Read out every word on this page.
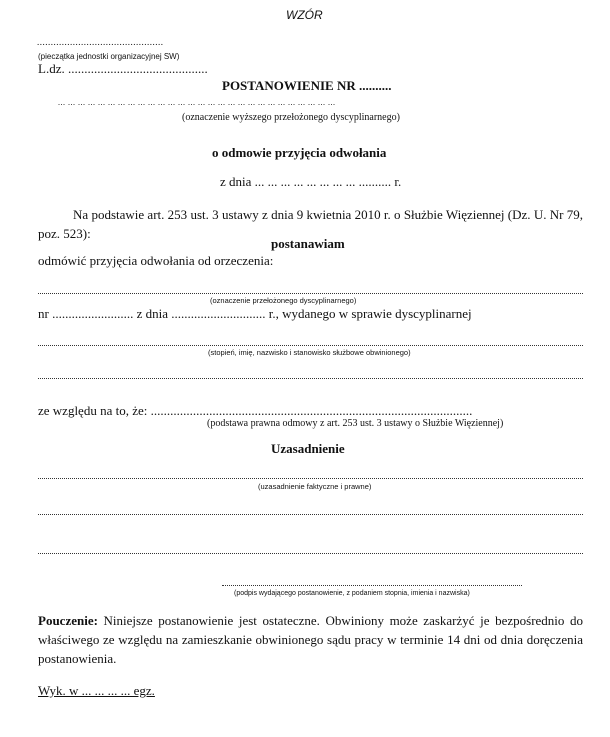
WZÓR
..............................................
(pieczątka jednostki organizacyjnej SW)
L.dz. ...........................................
POSTANOWIENIE NR ..........
... ... ... ... ... ... ... ... ... ... ... ... ... ... ... ... ... ... ... ... ... ... ... ... ... ... ... ...
(oznaczenie wyższego przełożonego dyscyplinarnego)
o odmowie przyjęcia odwołania
z dnia ... ... ... ... ... ... ... ... .......... r.
Na podstawie art. 253 ust. 3 ustawy z dnia 9 kwietnia 2010 r. o Służbie Więziennej (Dz. U. Nr 79, poz. 523):
postanawiam
odmówić przyjęcia odwołania od orzeczenia:
(oznaczenie przełożonego dyscyplinarnego)
nr ......................... z dnia ............................. r., wydanego w sprawie dyscyplinarnej
(stopień, imię, nazwisko i stanowisko służbowe obwinionego)
ze względu na to, że: ...................................................................................................
(podstawa prawna odmowy z art. 253 ust. 3 ustawy o Służbie Więziennej)
Uzasadnienie
(uzasadnienie faktyczne i prawne)
(podpis wydającego postanowienie, z podaniem stopnia, imienia i nazwiska)
Pouczenie: Niniejsze postanowienie jest ostateczne. Obwiniony może zaskarżyć je bezpośrednio do właściwego ze względu na zamieszkanie obwinionego sądu pracy w terminie 14 dni od dnia doręczenia postanowienia.
Wyk. w ... ... ... ... egz.
